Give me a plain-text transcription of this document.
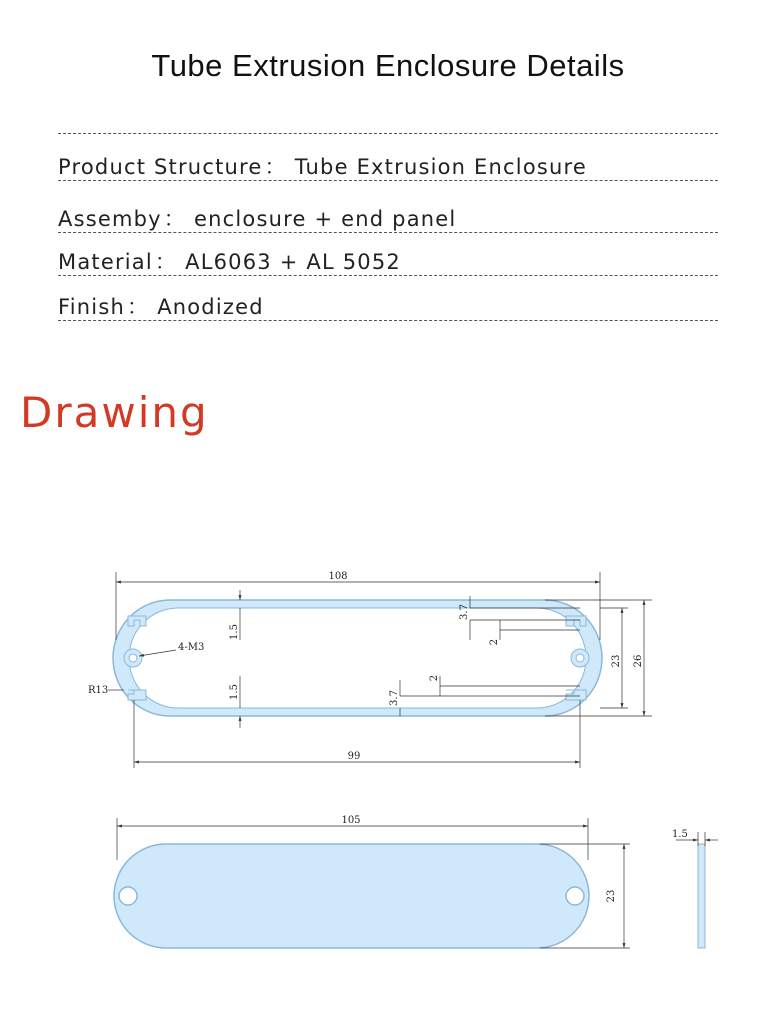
Tube Extrusion Enclosure Details
Product Structure： Tube Extrusion Enclosure
Assemby： enclosure + end panel
Material： AL6063 + AL 5052
Finish： Anodized
Drawing
108
99
26
23
1.5
1.5
3.7
2
3.7
2
4-M3
R13
105
23
1.5
